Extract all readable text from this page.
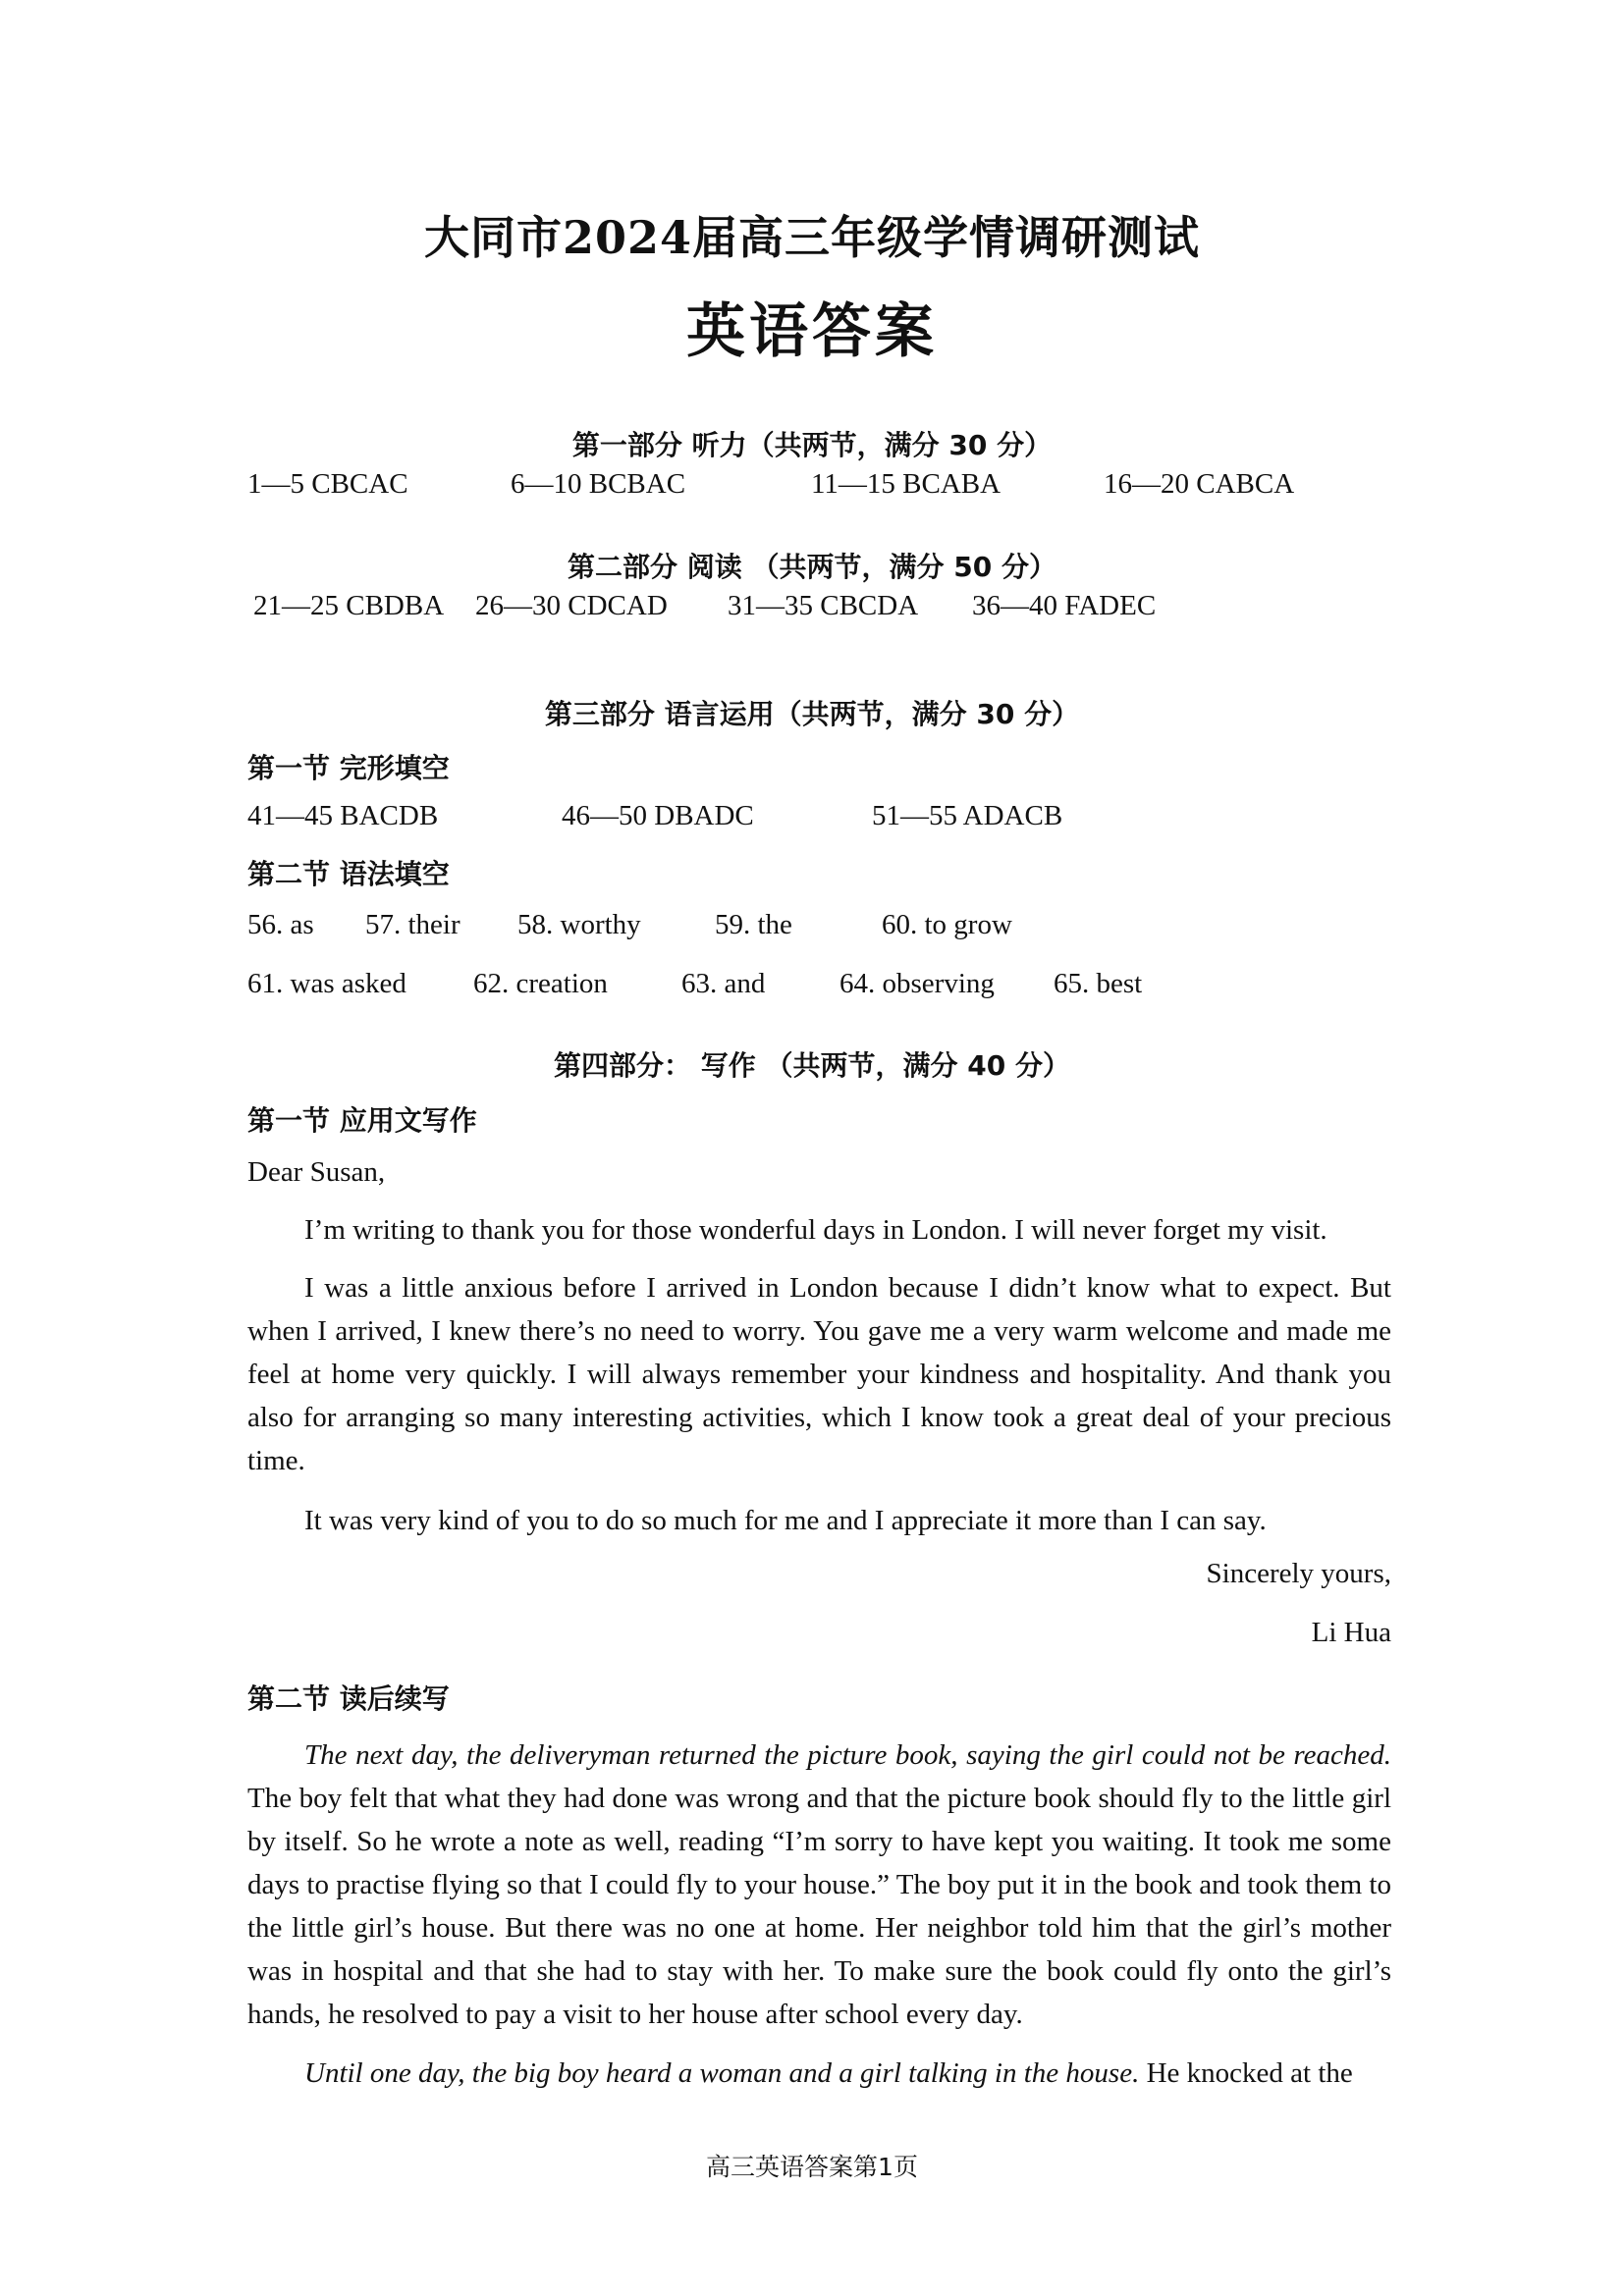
大同市2024届高三年级学情调研测试
英语答案
第一部分 听力（共两节，满分 30 分）
1—5 CBCAC	6—10 BCBAC	11—15 BCABA	16—20 CABCA
第二部分 阅读 （共两节，满分 50 分）
21—25 CBDBA 26—30 CDCAD 31—35 CBCDA 36—40 FADEC
第三部分 语言运用（共两节，满分 30 分）
第一节 完形填空
41—45 BACDB	46—50 DBADC	51—55 ADACB
第二节 语法填空
56. as 57. their 58. worthy	59. the	60. to grow
61. was asked 62. creation	63. and	64. observing 65. best
第四部分： 写作 （共两节，满分 40 分）
第一节 应用文写作
Dear Susan,
I’m writing to thank you for those wonderful days in London. I will never forget my visit.
I was a little anxious before I arrived in London because I didn’t know what to expect. But when I arrived, I knew there’s no need to worry. You gave me a very warm welcome and made me feel at home very quickly. I will always remember your kindness and hospitality. And thank you also for arranging so many interesting activities, which I know took a great deal of your precious time.
It was very kind of you to do so much for me and I appreciate it more than I can say.
Sincerely yours,
Li Hua
第二节 读后续写
The next day, the deliveryman returned the picture book, saying the girl could not be reached. The boy felt that what they had done was wrong and that the picture book should fly to the little girl by itself. So he wrote a note as well, reading “I’m sorry to have kept you waiting. It took me some days to practise flying so that I could fly to your house.” The boy put it in the book and took them to the little girl’s house. But there was no one at home. Her neighbor told him that the girl’s mother was in hospital and that she had to stay with her. To make sure the book could fly onto the girl’s hands, he resolved to pay a visit to her house after school every day.
Until one day, the big boy heard a woman and a girl talking in the house. He knocked at the
高三英语答案第1页
